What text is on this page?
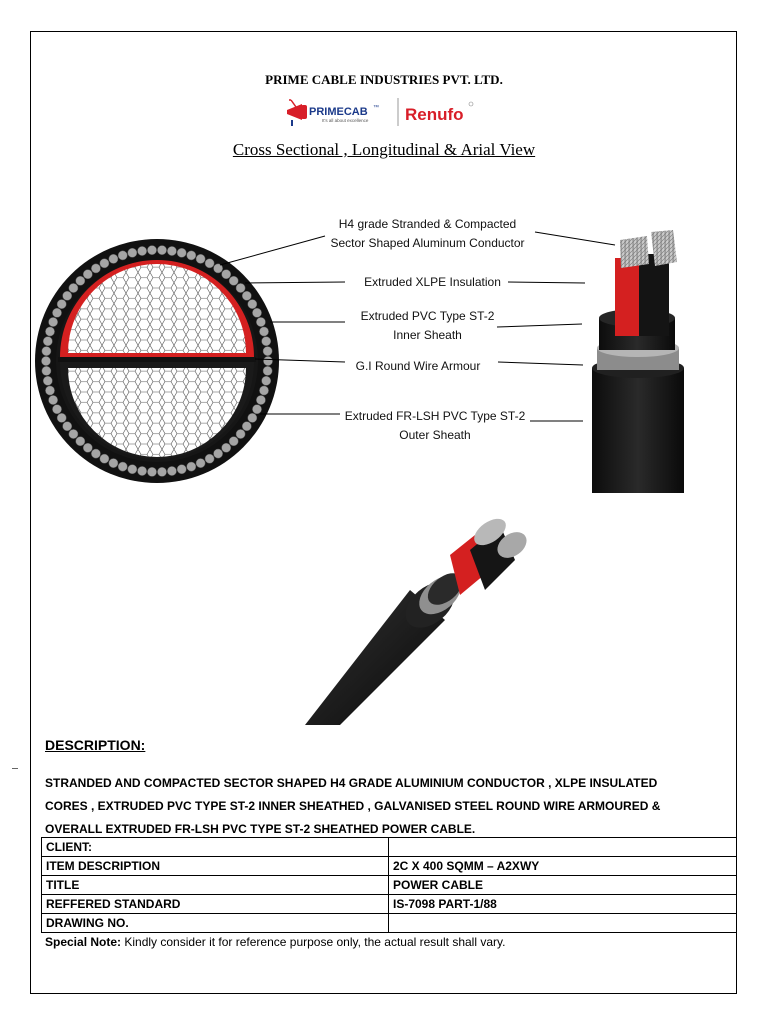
PRIME CABLE INDUSTRIES PVT. LTD.
PRIMECAB ™
It's all about excellence Renufo
Cross Sectional , Longitudinal & Arial View
H4 grade Stranded & Compacted
Sector Shaped Aluminum Conductor
Extruded XLPE Insulation
Extruded PVC Type ST-2
Inner Sheath
G.I Round Wire Armour
Extruded FR-LSH PVC Type ST-2
Outer Sheath
DESCRIPTION:
STRANDED AND COMPACTED SECTOR SHAPED H4 GRADE ALUMINIUM CONDUCTOR , XLPE INSULATED
CORES , EXTRUDED PVC TYPE ST-2 INNER SHEATHED , GALVANISED STEEL ROUND WIRE ARMOURED &
OVERALL EXTRUDED FR-LSH PVC TYPE ST-2 SHEATHED POWER CABLE.
CLIENT:	
ITEM DESCRIPTION	2C X 400 SQMM – A2XWY
TITLE	POWER CABLE
REFFERED STANDARD	IS-7098 PART-1/88
DRAWING NO.	
Special Note: Kindly consider it for reference purpose only, the actual result shall vary.
